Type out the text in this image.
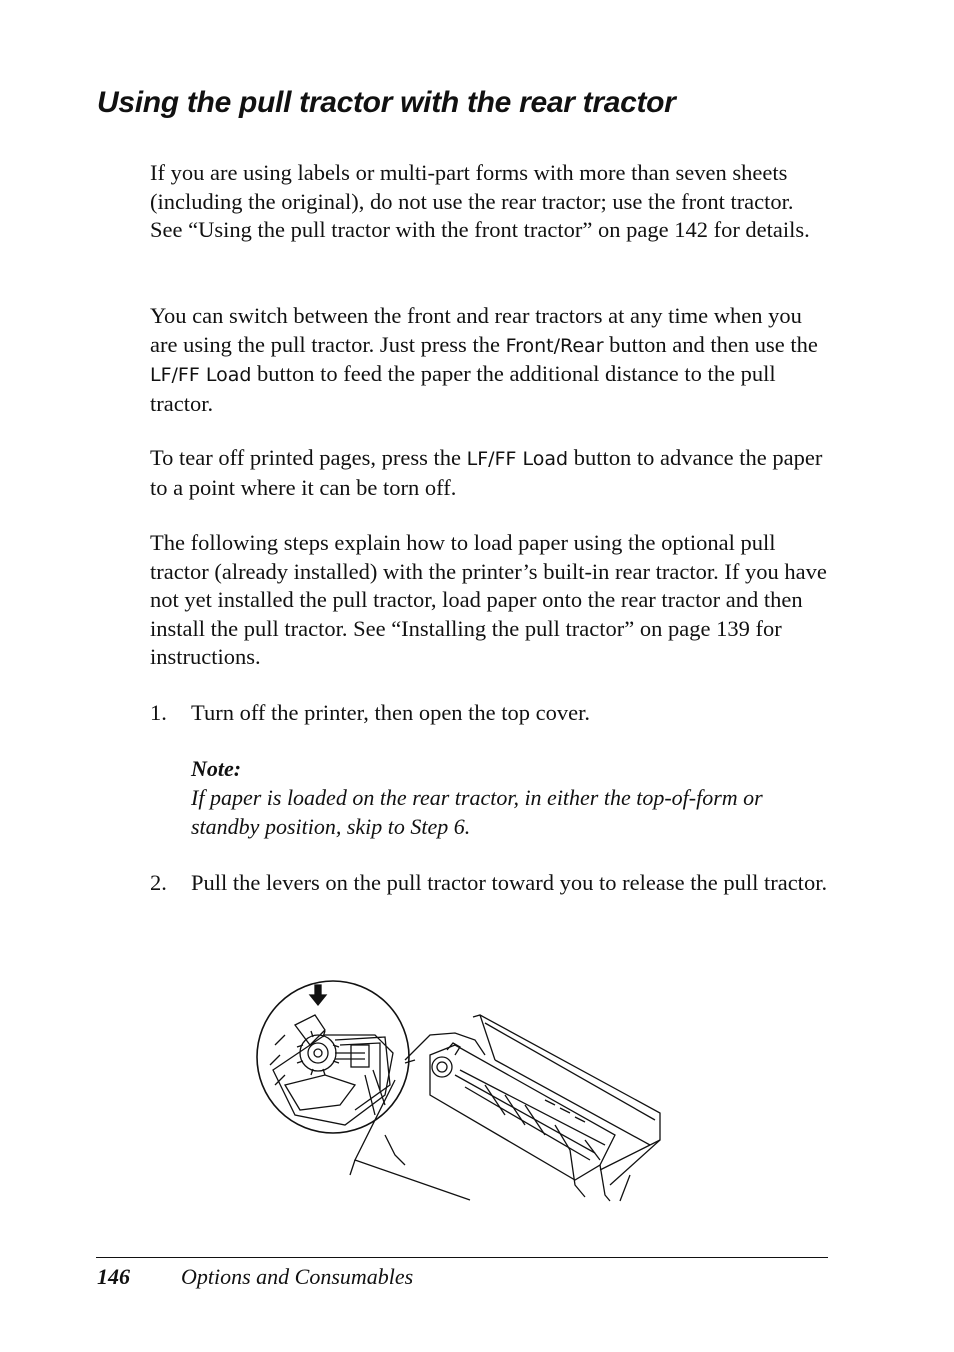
Using the pull tractor with the rear tractor

If you are using labels or multi-part forms with more than seven sheets (including the original), do not use the rear tractor; use the front tractor. See “Using the pull tractor with the front tractor” on page 142 for details.

You can switch between the front and rear tractors at any time when you are using the pull tractor. Just press the Front/Rear button and then use the LF/FF Load button to feed the paper the additional distance to the pull tractor.

To tear off printed pages, press the LF/FF Load button to advance the paper to a point where it can be torn off.

The following steps explain how to load paper using the optional pull tractor (already installed) with the printer’s built-in rear tractor. If you have not yet installed the pull tractor, load paper onto the rear tractor and then install the pull tractor. See “Installing the pull tractor” on page 139 for instructions.

1. Turn off the printer, then open the top cover.
Note:
If paper is loaded on the rear tractor, in either the top-of-form or standby position, skip to Step 6.
2. Pull the levers on the pull tractor toward you to release the pull tractor.
146 Options and Consumables
